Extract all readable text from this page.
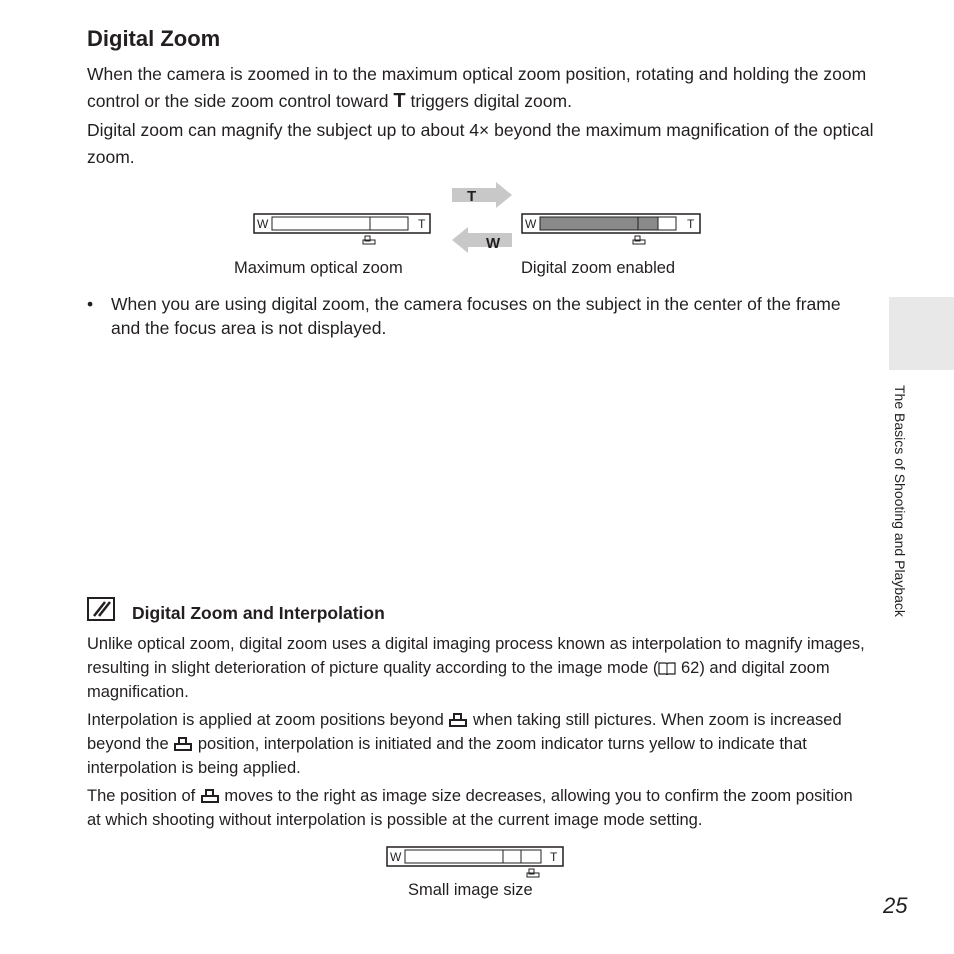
Digital Zoom
When the camera is zoomed in to the maximum optical zoom position, rotating and holding the zoom control or the side zoom control toward T triggers digital zoom.
Digital zoom can magnify the subject up to about 4× beyond the maximum magnification of the optical zoom.
T
W
W	T	W	T
Maximum optical zoom	Digital zoom enabled
• When you are using digital zoom, the camera focuses on the subject in the center of the frame and the focus area is not displayed.
The Basics of Shooting and Playback
Digital Zoom and Interpolation
Unlike optical zoom, digital zoom uses a digital imaging process known as interpolation to magnify images, resulting in slight deterioration of picture quality according to the image mode ( 62) and digital zoom magnification.
Interpolation is applied at zoom positions beyond  when taking still pictures. When zoom is increased beyond the  position, interpolation is initiated and the zoom indicator turns yellow to indicate that interpolation is being applied.
The position of  moves to the right as image size decreases, allowing you to confirm the zoom position at which shooting without interpolation is possible at the current image mode setting.
W	T
Small image size
25
